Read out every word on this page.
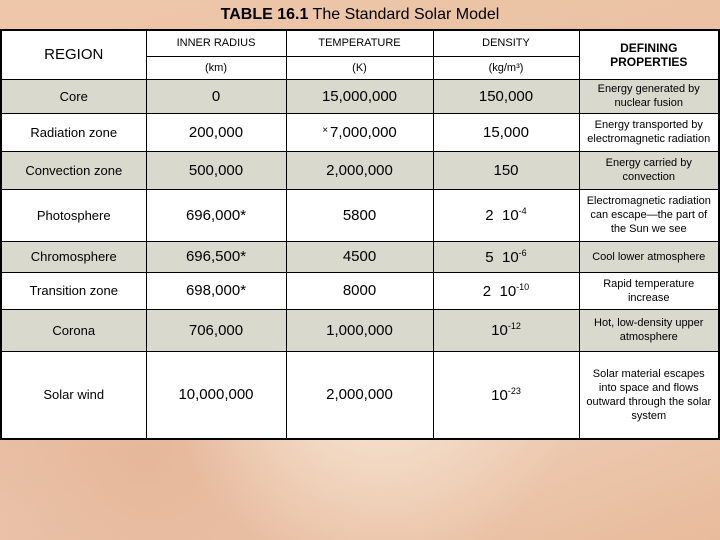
TABLE 16.1 The Standard Solar Model
REGION	INNER RADIUS	TEMPERATURE	DENSITY	DEFINING PROPERTIES
	(km)	(K)	(kg/m³)	
Core	0	15,000,000	150,000	Energy generated by nuclear fusion
Radiation zone	200,000	× 7,000,000	15,000	Energy transported by electromagnetic radiation
Convection zone	500,000	2,000,000	150	Energy carried by convection
Photosphere	696,000*	5800	2  $10^{-4}$	Electromagnetic radiation can escape—the part of the Sun we see
Chromosphere	696,500*	4500	5  $10^{-6}$	Cool lower atmosphere
Transition zone	698,000*	8000	2  $10^{-10}$	Rapid temperature increase
Corona	706,000	1,000,000	$10^{-12}$	Hot, low-density upper atmosphere
Solar wind	10,000,000	2,000,000	$10^{-23}$	Solar material escapes into space and flows outward through the solar system
